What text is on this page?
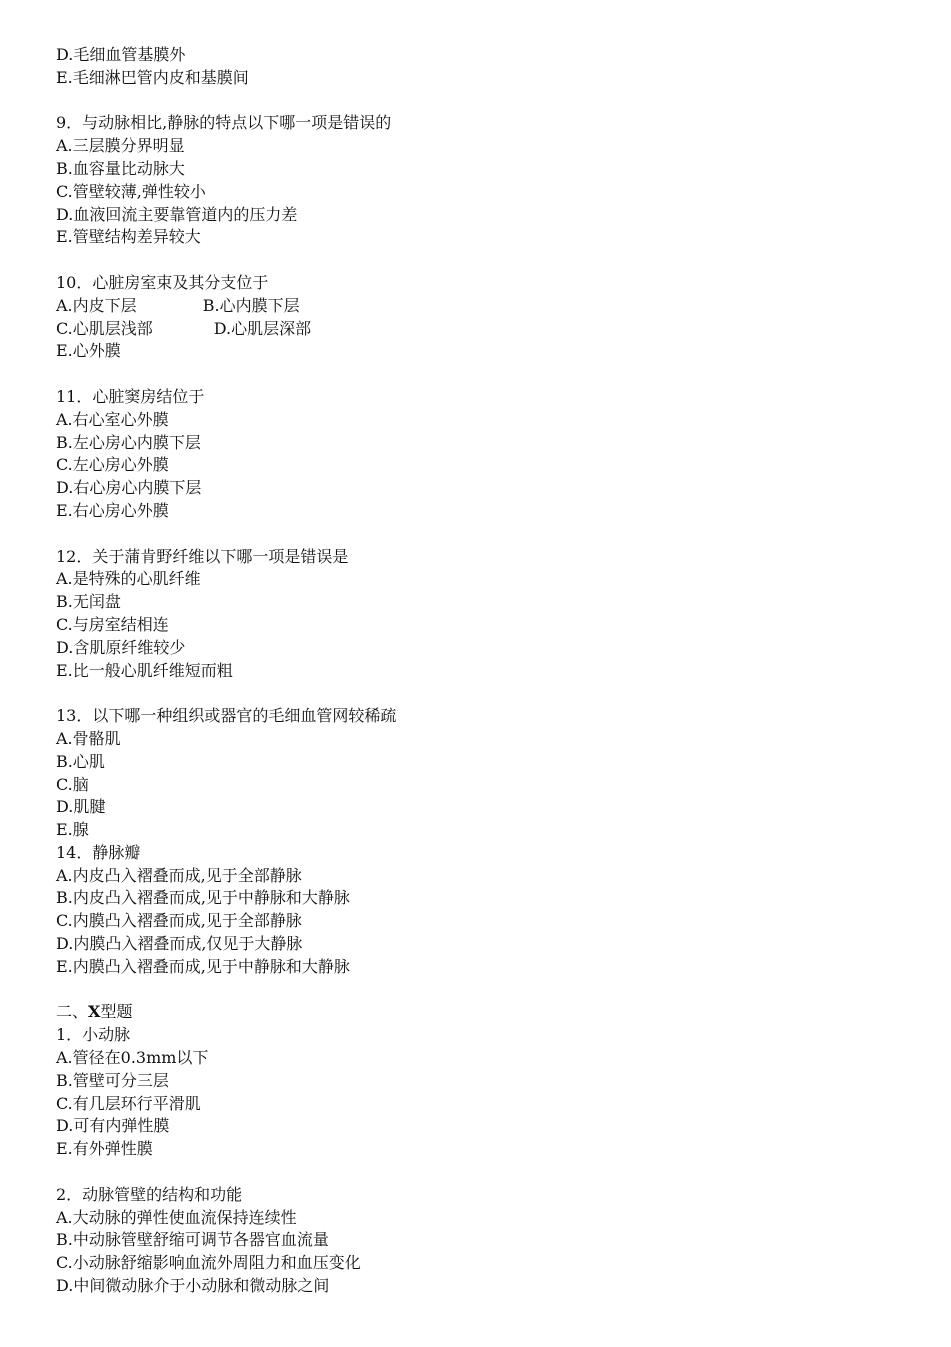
D.毛细血管基膜外
E.毛细淋巴管内皮和基膜间
9．与动脉相比,静脉的特点以下哪一项是错误的
A.三层膜分界明显
B.血容量比动脉大
C.管壁较薄,弹性较小
D.血液回流主要靠管道内的压力差
E.管壁结构差异较大
10．心脏房室束及其分支位于
A.内皮下层             B.心内膜下层
C.心肌层浅部            D.心肌层深部
E.心外膜
11．心脏窦房结位于
A.右心室心外膜
B.左心房心内膜下层
C.左心房心外膜
D.右心房心内膜下层
E.右心房心外膜
12．关于蒲肯野纤维以下哪一项是错误是
A.是特殊的心肌纤维
B.无闰盘
C.与房室结相连
D.含肌原纤维较少
E.比一般心肌纤维短而粗
13．以下哪一种组织或器官的毛细血管网较稀疏
A.骨骼肌
B.心肌
C.脑
D.肌腱
E.腺
14．静脉瓣
A.内皮凸入褶叠而成,见于全部静脉
B.内皮凸入褶叠而成,见于中静脉和大静脉
C.内膜凸入褶叠而成,见于全部静脉
D.内膜凸入褶叠而成,仅见于大静脉
E.内膜凸入褶叠而成,见于中静脉和大静脉
二、X型题
1．小动脉
A.管径在0.3mm以下
B.管壁可分三层
C.有几层环行平滑肌
D.可有内弹性膜
E.有外弹性膜
2．动脉管壁的结构和功能
A.大动脉的弹性使血流保持连续性
B.中动脉管壁舒缩可调节各器官血流量
C.小动脉舒缩影响血流外周阻力和血压变化
D.中间微动脉介于小动脉和微动脉之间
